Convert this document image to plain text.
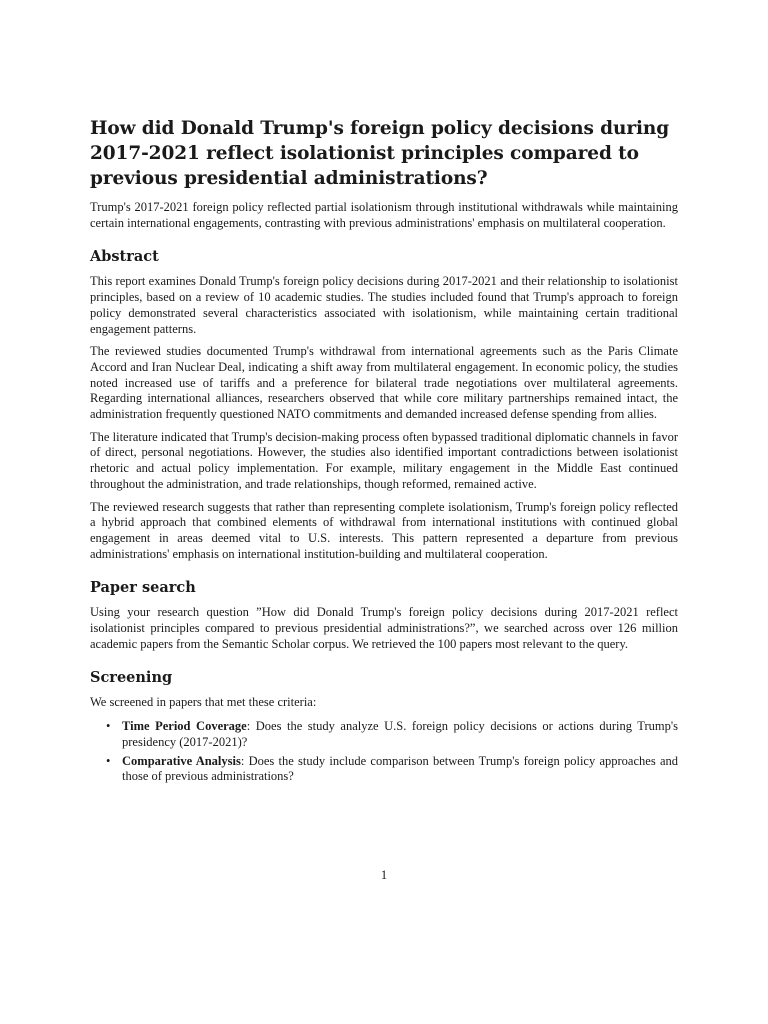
How did Donald Trump's foreign policy decisions during 2017-2021 reflect isolationist principles compared to previous presidential administrations?

Trump's 2017-2021 foreign policy reflected partial isolationism through institutional withdrawals while maintaining certain international engagements, contrasting with previous administrations' emphasis on multilateral cooperation.

Abstract

This report examines Donald Trump's foreign policy decisions during 2017-2021 and their relationship to isolationist principles, based on a review of 10 academic studies. The studies included found that Trump's approach to foreign policy demonstrated several characteristics associated with isolationism, while maintaining certain traditional engagement patterns.

The reviewed studies documented Trump's withdrawal from international agreements such as the Paris Climate Accord and Iran Nuclear Deal, indicating a shift away from multilateral engagement. In economic policy, the studies noted increased use of tariffs and a preference for bilateral trade negotiations over multilateral agreements. Regarding international alliances, researchers observed that while core military partnerships remained intact, the administration frequently questioned NATO commitments and demanded increased defense spending from allies.

The literature indicated that Trump's decision-making process often bypassed traditional diplomatic channels in favor of direct, personal negotiations. However, the studies also identified important contradictions between isolationist rhetoric and actual policy implementation. For example, military engagement in the Middle East continued throughout the administration, and trade relationships, though reformed, remained active.

The reviewed research suggests that rather than representing complete isolationism, Trump's foreign policy reflected a hybrid approach that combined elements of withdrawal from international institutions with continued global engagement in areas deemed vital to U.S. interests. This pattern represented a departure from previous administrations' emphasis on international institution-building and multilateral cooperation.

Paper search

Using your research question ”How did Donald Trump's foreign policy decisions during 2017-2021 reflect isolationist principles compared to previous presidential administrations?”, we searched across over 126 million academic papers from the Semantic Scholar corpus. We retrieved the 100 papers most relevant to the query.

Screening

We screened in papers that met these criteria:

• Time Period Coverage: Does the study analyze U.S. foreign policy decisions or actions during Trump's presidency (2017-2021)?
• Comparative Analysis: Does the study include comparison between Trump's foreign policy approaches and those of previous administrations?
1
